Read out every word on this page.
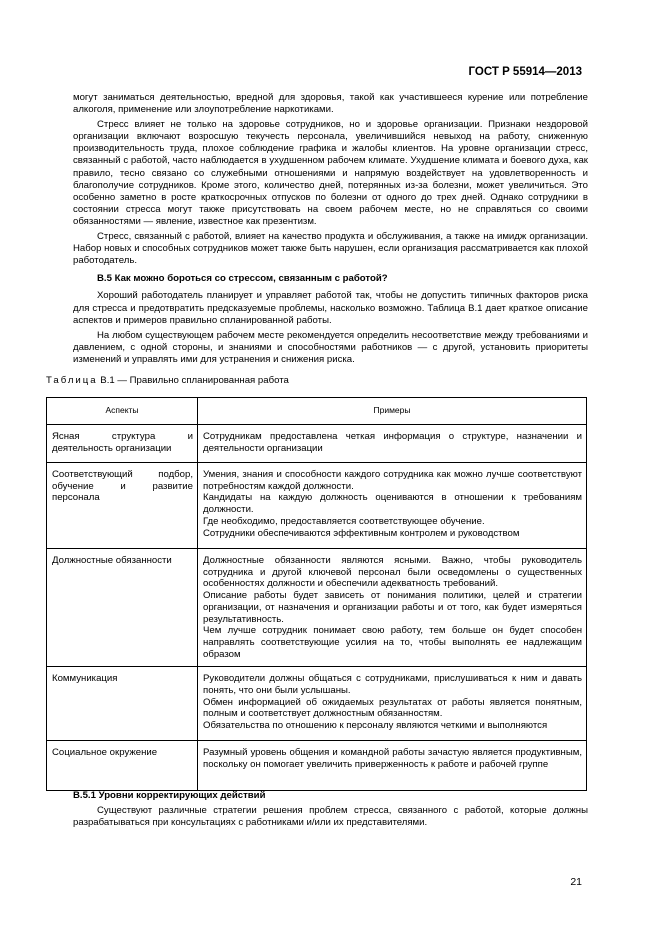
ГОСТ Р 55914—2013

могут заниматься деятельностью, вредной для здоровья, такой как участившееся курение или потребление алкоголя, применение или злоупотребление наркотиками.

Стресс влияет не только на здоровье сотрудников, но и здоровье организации. Признаки нездоровой организации включают возросшую текучесть персонала, увеличившийся невыход на работу, сниженную производительность труда, плохое соблюдение графика и жалобы клиентов. На уровне организации стресс, связанный с работой, часто наблюдается в ухудшенном рабочем климате. Ухудшение климата и боевого духа, как правило, тесно связано со служебными отношениями и напрямую воздействует на удовлетворенность и благополучие сотрудников. Кроме этого, количество дней, потерянных из-за болезни, может увеличиться. Это особенно заметно в росте краткосрочных отпусков по болезни от одного до трех дней. Однако сотрудники в состоянии стресса могут также присутствовать на своем рабочем месте, но не справляться со своими обязанностями — явление, известное как презентизм.

Стресс, связанный с работой, влияет на качество продукта и обслуживания, а также на имидж организации. Набор новых и способных сотрудников может также быть нарушен, если организация рассматривается как плохой работодатель.

В.5 Как можно бороться со стрессом, связанным с работой?

Хороший работодатель планирует и управляет работой так, чтобы не допустить типичных факторов риска для стресса и предотвратить предсказуемые проблемы, насколько возможно. Таблица В.1 дает краткое описание аспектов и примеров правильно спланированной работы.

На любом существующем рабочем месте рекомендуется определить несоответствие между требованиями и давлением, с одной стороны, и знаниями и способностями работников — с другой, установить приоритеты изменений и управлять ими для устранения и снижения риска.

Таблица В.1 — Правильно спланированная работа
Аспекты	Примеры
Ясная структура и деятельность организации	Сотрудникам предоставлена четкая информация о структуре, назначении и деятельности организации

Соответствующий подбор, обучение и развитие персонала	Умения, знания и способности каждого сотрудника как можно лучше соответствуют потребностям каждой должности.
Кандидаты на каждую должность оцениваются в отношении к требованиям должности.
Где необходимо, предоставляется соответствующее обучение.
Сотрудники обеспечиваются эффективным контролем и руководством

Должностные обязанности	Должностные обязанности являются ясными. Важно, чтобы руководитель сотрудника и другой ключевой персонал были осведомлены о существенных особенностях должности и обеспечили адекватность требований.
Описание работы будет зависеть от понимания политики, целей и стратегии организации, от назначения и организации работы и от того, как будет измеряться результативность.
Чем лучше сотрудник понимает свою работу, тем больше он будет способен направлять соответствующие усилия на то, чтобы выполнять ее надлежащим образом

Коммуникация	Руководители должны общаться с сотрудниками, прислушиваться к ним и давать понять, что они были услышаны.
Обмен информацией об ожидаемых результатах от работы является понятным, полным и соответствует должностным обязанностям.
Обязательства по отношению к персоналу являются четкими и выполняются

Социальное окружение	Разумный уровень общения и командной работы зачастую является продуктивным, поскольку он помогает увеличить приверженность к работе и рабочей группе

В.5.1 Уровни корректирующих действий

Существуют различные стратегии решения проблем стресса, связанного с работой, которые должны разрабатываться при консультациях с работниками и/или их представителями.

21
